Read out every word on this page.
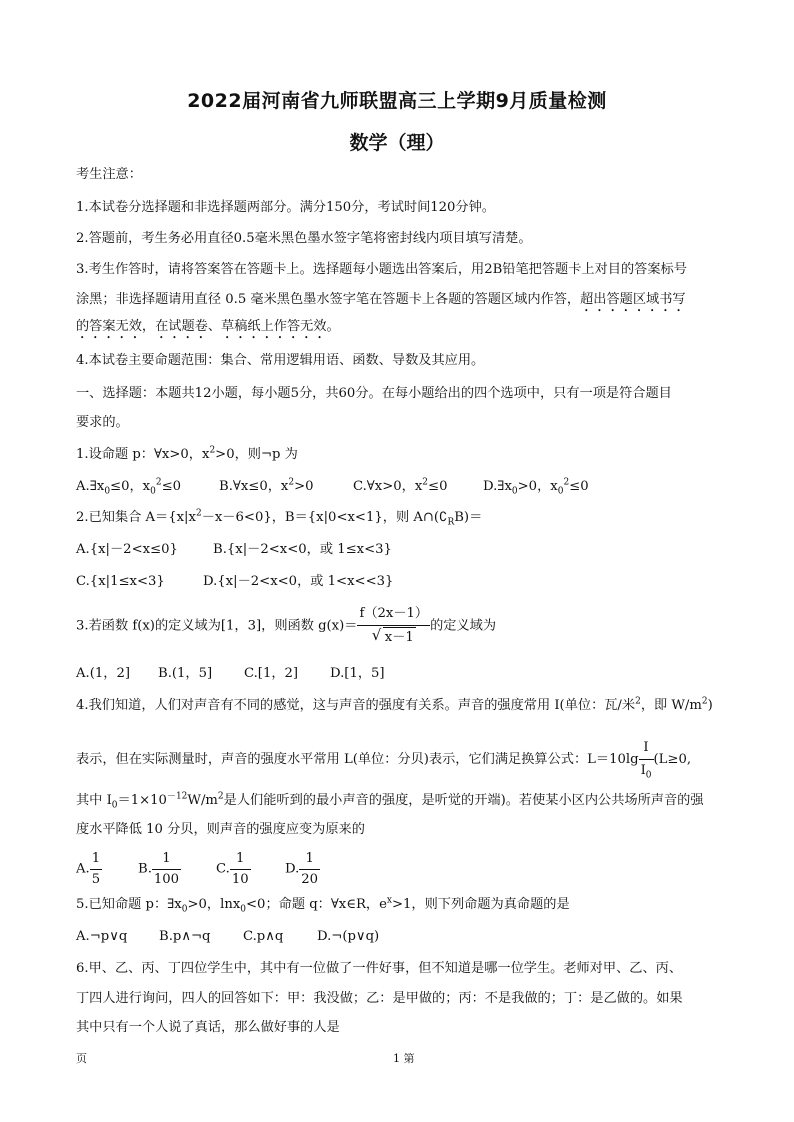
2022届河南省九师联盟高三上学期9月质量检测
数学（理）
考生注意：
1.本试卷分选择题和非选择题两部分。满分150分，考试时间120分钟。
2.答题前，考生务必用直径0.5毫米黑色墨水签字笔将密封线内项目填写清楚。
3.考生作答时，请将答案答在答题卡上。选择题每小题选出答案后，用2B铅笔把答题卡上对目的答案标号
涂黑；非选择题请用直径 0.5 毫米黑色墨水签字笔在答题卡上各题的答题区域内作答，超出答题区域书写
的答案无效，在试题卷、草稿纸上作答无效。
4.本试卷主要命题范围：集合、常用逻辑用语、函数、导数及其应用。
一、选择题：本题共12小题，每小题5分，共60分。在每小题给出的四个选项中，只有一项是符合题目
要求的。
1.设命题 p：∀x>0，$x^2>0$，则¬p 为
$A.\exists x_0\le 0$，$x_0^2\le 0$	B.∀x≤0，$x^2>0$	C.∀x>0，$x^2\le 0$	$D.\exists x_0>0$，$x_0^2\le 0$
2.已知集合 $A=\{x|x^2-x-6<0\}$，B＝{x|0<x<1}，则 $A\cap(∁_RB)=$
A.{x|－2<x≤0}	B.{x|－2<x<0，或 1≤x<3}
C.{x|1≤x<3}	D.{x|－2<x<0，或 1<x<<3}
3.若函数 f(x)的定义域为[1，3]，则函数 g(x)＝ f（2x－1）
√ x－1 的定义域为
A.(1，2] B.(1，5] C.[1，2] D.[1，5]
4.我们知道，人们对声音有不同的感觉，这与声音的强度有关系。声音的强度常用 I(单位：瓦/米$^2$，即 $W/m^2$)
表示，但在实际测量时，声音的强度水平常用 L(单位：分贝)表示，它们满足换算公式：$L=10\lg \frac{I}{I_0} (L\ge 0$,
其中 $I_0=1\times 10^{-12}W/m^2$是人们能听到的最小声音的强度，是听觉的开端)。若使某小区内公共场所声音的强
度水平降低 10 分贝，则声音的强度应变为原来的
A. $\frac{1}{5}$	B. $\frac{1}{100}$	C. $\frac{1}{10}$	D. $\frac{1}{20}$
5.已知命题 p：$\exists x_0>0$，lnx$_0$<0；命题 q：∀x∈R，$e^x>1$，则下列命题为真命题的是
A.¬p∨q B.p∧¬q C.p∧q	D.¬(p∨q)
6.甲、乙、丙、丁四位学生中，其中有一位做了一件好事，但不知道是哪一位学生。老师对甲、乙、丙、
丁四人进行询问，四人的回答如下：甲：我没做；乙：是甲做的；丙：不是我做的；丁：是乙做的。如果
其中只有一个人说了真话，那么做好事的人是
页	1 第
